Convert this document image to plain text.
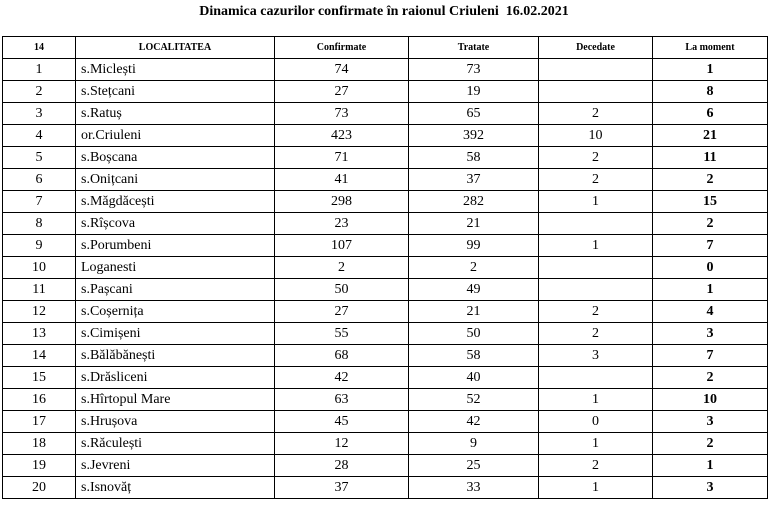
Dinamica cazurilor confirmate în raionul Criuleni  16.02.2021
14	LOCALITATEA	Confirmate	Tratate	Decedate	La moment
1	s.Miclești	74	73		1
2	s.Stețcani	27	19		8
3	s.Ratuș	73	65	2	6
4	or.Criuleni	423	392	10	21
5	s.Boșcana	71	58	2	11
6	s.Onițcani	41	37	2	2
7	s.Măgdăcești	298	282	1	15
8	s.Rîșcova	23	21		2
9	s.Porumbeni	107	99	1	7
10	Loganesti	2	2		0
11	s.Pașcani	50	49		1
12	s.Coșernița	27	21	2	4
13	s.Cimișeni	55	50	2	3
14	s.Bălăbănești	68	58	3	7
15	s.Drăsliceni	42	40		2
16	s.Hîrtopul Mare	63	52	1	10
17	s.Hrușova	45	42	0	3
18	s.Răculești	12	9	1	2
19	s.Jevreni	28	25	2	1
20	s.Isnovăț	37	33	1	3
